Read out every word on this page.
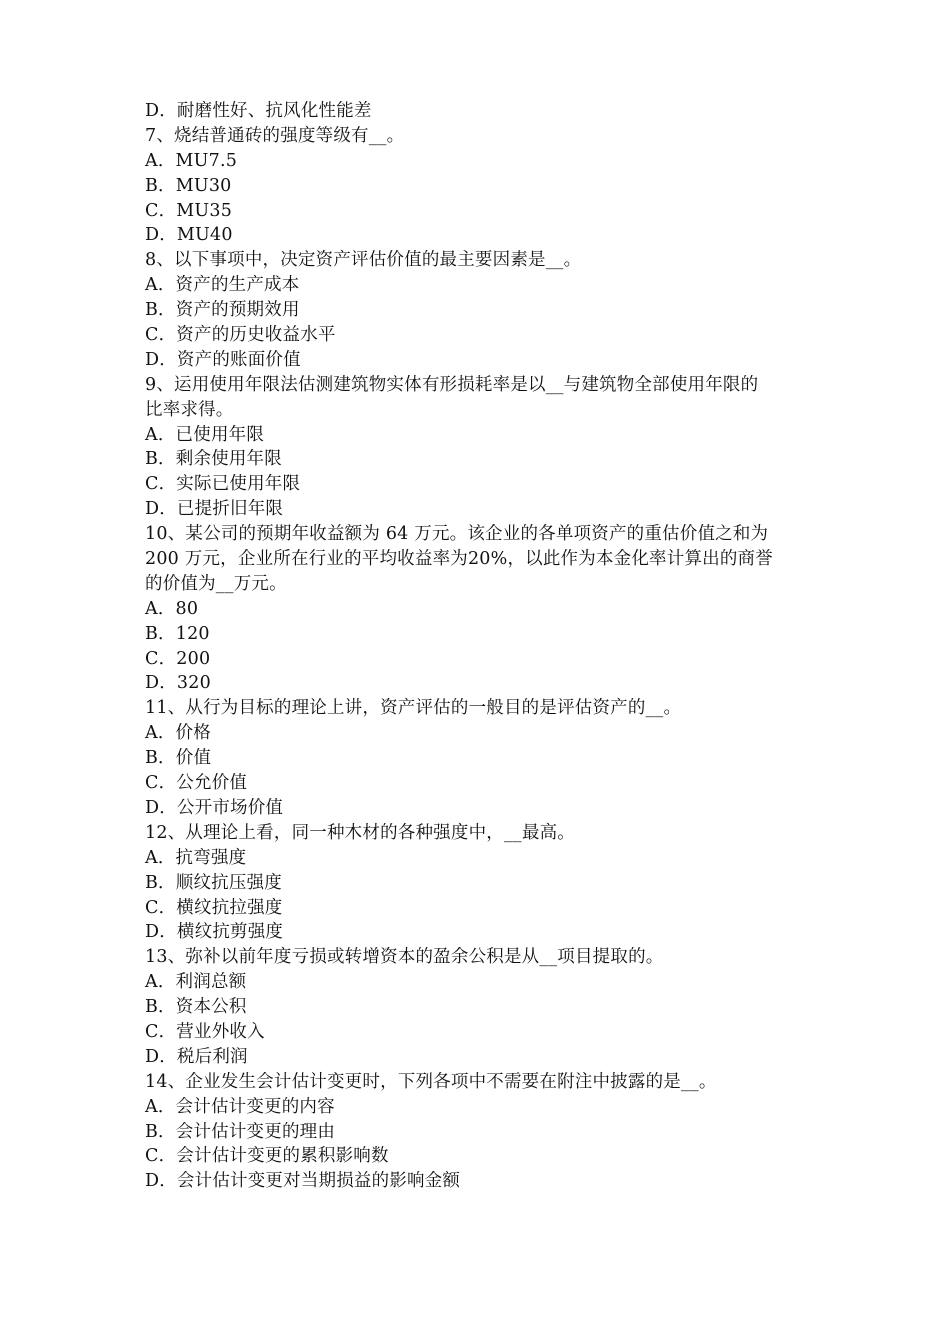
D．耐磨性好、抗风化性能差
7、烧结普通砖的强度等级有__。
A．MU7.5
B．MU30
C．MU35
D．MU40
8、以下事项中，决定资产评估价值的最主要因素是__。
A．资产的生产成本
B．资产的预期效用
C．资产的历史收益水平
D．资产的账面价值
9、运用使用年限法估测建筑物实体有形损耗率是以__与建筑物全部使用年限的
比率求得。
A．已使用年限
B．剩余使用年限
C．实际已使用年限
D．已提折旧年限
10、某公司的预期年收益额为 64 万元。该企业的各单项资产的重估价值之和为
200 万元，企业所在行业的平均收益率为20%，以此作为本金化率计算出的商誉
的价值为__万元。
A．80
B．120
C．200
D．320
11、从行为目标的理论上讲，资产评估的一般目的是评估资产的__。
A．价格
B．价值
C．公允价值
D．公开市场价值
12、从理论上看，同一种木材的各种强度中，__最高。
A．抗弯强度
B．顺纹抗压强度
C．横纹抗拉强度
D．横纹抗剪强度
13、弥补以前年度亏损或转增资本的盈余公积是从__项目提取的。
A．利润总额
B．资本公积
C．营业外收入
D．税后利润
14、企业发生会计估计变更时，下列各项中不需要在附注中披露的是__。
A．会计估计变更的内容
B．会计估计变更的理由
C．会计估计变更的累积影响数
D．会计估计变更对当期损益的影响金额
